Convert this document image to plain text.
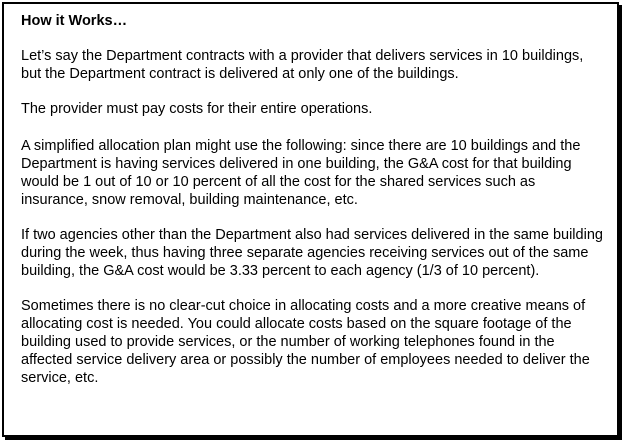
How it Works…

Let’s say the Department contracts with a provider that delivers services in 10 buildings, but the Department contract is delivered at only one of the buildings.

The provider must pay costs for their entire operations.

A simplified allocation plan might use the following: since there are 10 buildings and the Department is having services delivered in one building, the G&A cost for that building would be 1 out of 10 or 10 percent of all the cost for the shared services such as insurance, snow removal, building maintenance, etc.

If two agencies other than the Department also had services delivered in the same building during the week, thus having three separate agencies receiving services out of the same building, the G&A cost would be 3.33 percent to each agency (1/3 of 10 percent).

Sometimes there is no clear-cut choice in allocating costs and a more creative means of allocating cost is needed. You could allocate costs based on the square footage of the building used to provide services, or the number of working telephones found in the affected service delivery area or possibly the number of employees needed to deliver the service, etc.
